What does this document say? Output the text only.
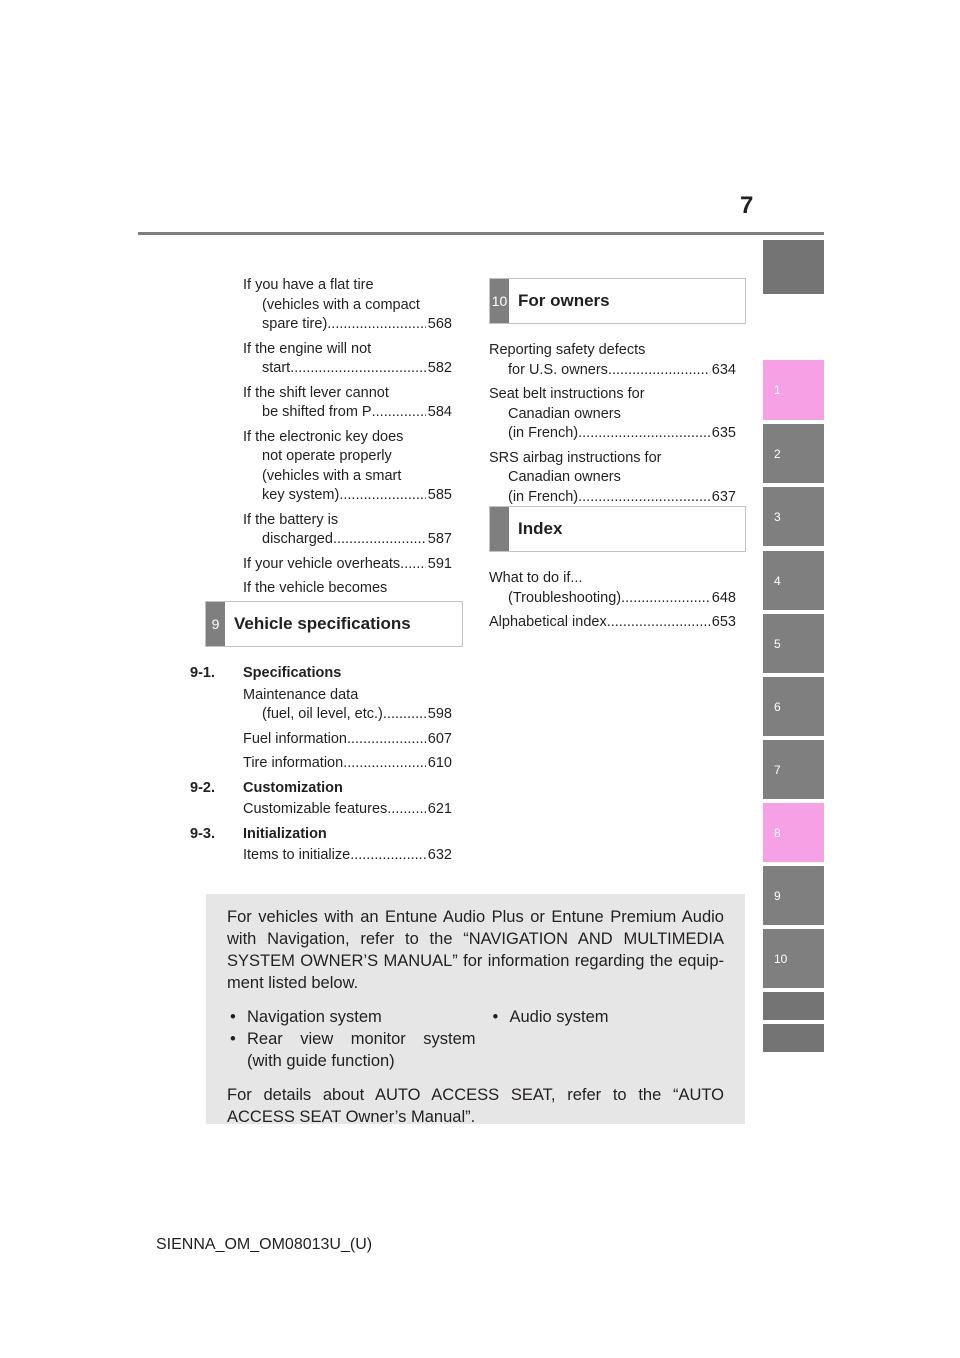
7
1
2
3
4
5
6
7
8
9
10
If you have a flat tire
(vehicles with a compact
spare tire) .....	568
If the engine will not
start .....	582
If the shift lever cannot
be shifted from P .....	584
If the electronic key does
not operate properly
(vehicles with a smart
key system) .....	585
If the battery is
discharged .....	587
If your vehicle overheats ..... 591
If the vehicle becomes
.....
9 Vehicle specifications
9-1. Specifications
Maintenance data
(fuel, oil level, etc.) .....	598
Fuel information .....	607
Tire information .....	610
9-2. Customization
Customizable features .....	621
9-3. Initialization
Items to initialize .....	632
10 For owners
Reporting safety defects
for U.S. owners .....	634
Seat belt instructions for
Canadian owners
(in French) .....	635
SRS airbag instructions for
Canadian owners
(in French) .....	637
Index
What to do if...
(Troubleshooting) .....	648
Alphabetical index .....	653

For vehicles with an Entune Audio Plus or Entune Premium Audio with Navigation, refer to the “NAVIGATION AND MULTIMEDIA SYSTEM OWNER’S MANUAL” for information regarding the equip-ment listed below.

• Navigation system
• Rear view monitor system (with guide function)
• Audio system

For details about AUTO ACCESS SEAT, refer to the “AUTO ACCESS SEAT Owner’s Manual”.

SIENNA_OM_OM08013U_(U)
